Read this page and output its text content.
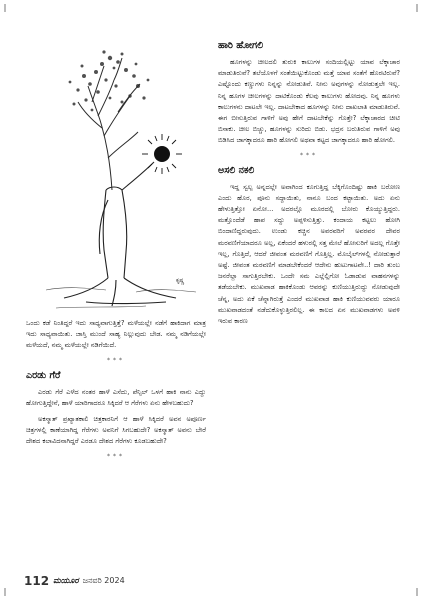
ಕೃಷ್ಣ

ಒಂದು ಕಡೆ ನಿಂತಿದ್ದರೆ ಇದು ಸಾಧ್ಯವಾಗುತ್ತಿತ್ತೆ? ಮಳೆಯಲ್ಲೇ ನಡೆಗೆ ಹಾಕಿದಾಗ ಮಾತ್ರ ಇದು ಸಾಧ್ಯವಾಯಿತು. ಜಾಸ್ತಿ ಮುಂದೆ ಸಾಹ್ಯ ನಿಲ್ಲುವುದು ಬೇಡ. ನಮ್ಮ ನಡಿಗೆಯಲ್ಲೇ ಮಳೆಯದೆ, ನಮ್ಮ ಮಳೆಯಲ್ಲೇ ನಡಿಗೆಯಿದೆ.

***
ಎರಡು ಗೆರೆ

ಎರಡು ಗೆರೆ ಎಳೆದ ನಂತರ ಹಾಳೆ ಎಸೆದು, ಪೆನ್ಸಿಲ್ ಒಳಗೆ ಹಾಕಿ ನಾನು ಎದ್ದು ಹೋಗುತ್ತಿದ್ದೇನೆ, ಹಾಳೆ ಯಾರಿಗಾದರೂ ಸಿಕ್ಕಿದರೆ ಆ ಗೆರೆಗಳು ಏನು ಹೇಳಬಹುದು?

ಅಕಸ್ಮಾತ್ ಪ್ರಖ್ಯಾತಕಾಲಿ ಚಿತ್ರಕಾರನಿಗೆ ಆ ಹಾಳೆ ಸಿಕ್ಕಿದರೆ ಅವನ ಅಪೂರ್ಣ ಚಿತ್ರಗಳಲ್ಲಿ ಕಾಣೆಯಾಗಿದ್ದ ಗೆರೆಗಳು ಅವನಿಗೆ ಸಿಗಬಹುದೇ? ಅಕಸ್ಮಾತ್ ಅವನು ಬೇರೆ ದೇಶದ ಕಲಾವಿದನಾಗಿದ್ದರೆ ಎರಡೂ ದೇಶದ ಗೆರೆಗಳು ಕೂಡಬಹುದೇ?

***
ಹಾರಿ ಹೋಗಲಿ

ಹೂಗಳನ್ನು ಚೀಲದಲಿ ತುರುಕಿ ಕಾಲುಗಳ ಸಂದಿಯಲ್ಲಿಟ್ಟು ಯಾವ ಲೆಕ್ಕಾಚಾರ ಮಾಡುತಿರುವೆ? ತಲೆಯೊಳಗೆ ಸಂತೆಯಿಟ್ಟುಕೊಂಡು ಮತ್ತೆ ಯಾವ ಸಂತೆಗೆ ಹೊರಟಿರುವೆ? ಎಷ್ಟೊಂದು ಕಣ್ಣುಗಳು ನಿನ್ನನ್ನು ನೋಡುತಿವೆ. ನೀನು ಅವುಗಳನ್ನು ನೋಡುತ್ತಲೇ ಇಲ್ಲ. ನಿನ್ನ ಹೂಗಳ ಚೀಲಗಳನ್ನು ದಾಟಿಕೊಂಡು ಕೆಲವು ಕಾಲುಗಳು ಹೋದವು. ನಿನ್ನ ಹೂಗಳು ಕಾಲುಗಳನು ದಾಟಲೇ ಇಲ್ಲ. ದಾಟಬೇಕಾದ ಹೂಗಳನ್ನು ನೀನು ದಾಖಲಾತಿ ಮಾಡುತಿರುವೆ. ಈಗ ಬೀಸುತ್ತಿರುವ ಗಾಳಿಗೆ ಅವು ಹೇಗೆ ದಾಟಬೇಕೆನ್ನು ಗೊತ್ತೇ? ಲೆಕ್ಕಾಚಾರದ ಚೀಟಿ ಬಿಸಾಕು. ಚೀಲ ಬಿಚ್ಚು, ಹೂಗಳನ್ನು ಸುರಿದು ಬಿಡು. ಭದ್ರನ ಬರುತಿರುವ ಗಾಳಿಗೆ ಅವು ಬಿಡಿಸಿದ ಜಾಗಕ್ಕಾದರೂ ಹಾರಿ ಹೋಗಲಿ ಅಥವಾ ಕಟ್ಟದ ಜಾಗಕ್ಕಾದರೂ ಹಾರಿ ಹೋಗಲಿ.

***
ಅಸಲಿ ನಕಲಿ

ಇದ್ದ ಸ್ವಲ್ಪ ಅನ್ನದಲ್ಲೇ ಅವಾಗಿಂದ ಕೂಗುತ್ತಿದ್ದ ಬೆಕ್ಕಿಗೊಂದಿಷ್ಟು ಹಾಕಿ ಬರೋಣ ಎಂದು ಹೊರ, ಪೂನು ಸದ್ದಾಯಿತು, ನಾನೂ ಬಂದ ಕಟ್ಟಾಯಿತು. ಅದು ಏನು ಹೇಳುತ್ತಿತ್ತೋ ಏನೋ... ಅದರಲ್ಲೊ ಮೂರದಲ್ಲಿ ಬೋರು ಕೊಯ್ಯುತ್ತಿದ್ದರು. ಮತ್ತೊಂದೆಡೆ ಹಾಪ ಸದ್ದು ಅಪ್ಪಳಿಸುತ್ತಿತ್ತು. ಕಂದಾಯ ಕಟ್ಟಲು ಹೋಗಿ ಬಿಂದಾಣಿದ್ದರುವುದು. ಉಂಡು ಕಚ್ಚಿನ ಅವರವರಿಗೆ ಅವರವರ ದೇವರ ಮರವಣಿಗೆಯಾದರೂ ಅಲ್ಲ, ಏಕೆಂದರೆ ಹಳುರಲ್ಲಿ ಸತ್ತ ಮೇಲೆ ಹೋಸುರಿಗೆ ಅದಲ್ಲ ಗೊತ್ತೇ ಇಲ್ಲ, ಗೊತ್ತಿದೆ, ಆದರೆ ಜೀವಂತ ಮರವಣಿಗೆ ಗೊತ್ತಿಲ್ಲ. ಮೊಬೈಲ್‌ಗಳಲ್ಲಿ ನೋಡುತ್ತಾರೆ ಅಷ್ಟೆ. ಜೀವಂತ ಮರವಣಿಗೆ ಮಾಡಬೇಕೆಂದರೆ ಆದೇನು ಹುಟುಗಾಟವೇ..! ದಾರಿ ತುಂಬ ಜನರೆಲ್ಲಾ ಸಾಗುತ್ತಿರಬೇಕು. ಒಂದೇ ಸಮ ಎಲ್ಲೆಲ್ಲಿಗೋ ಓಡಾಡುವ ವಾಹನಗಳನ್ನು ತಡೆಯಬೇಕು. ಮುಖವಾಡ ಹಾಕಿಕೊಂಡು ಆವರನ್ನು ಕುಣಿಯುತ್ತಿರುದ್ದು ನೋಡುವುದೇ ಚೆನ್ನ, ಅದು ಏಕೆ ಚೆನ್ನಾಗಿರುತ್ತೆ ಎಂದರೆ ಮುಖವಾಡ ಹಾಕಿ ಕುಣಿಯುವವರು ಯಾರೂ ಮುಖವಾಡದಂತೆ ನಡೆದುಕೊಳ್ಳುತ್ತಿರಲಿಲ್ಲ. ಈ ಕಾಲದ ಏನ ಮುಖವಾಡಗಳು ಅವಳಿ ಇರುವ ಕಾರಣ

112 ಮಯೂರ ಜನವರಿ 2024
